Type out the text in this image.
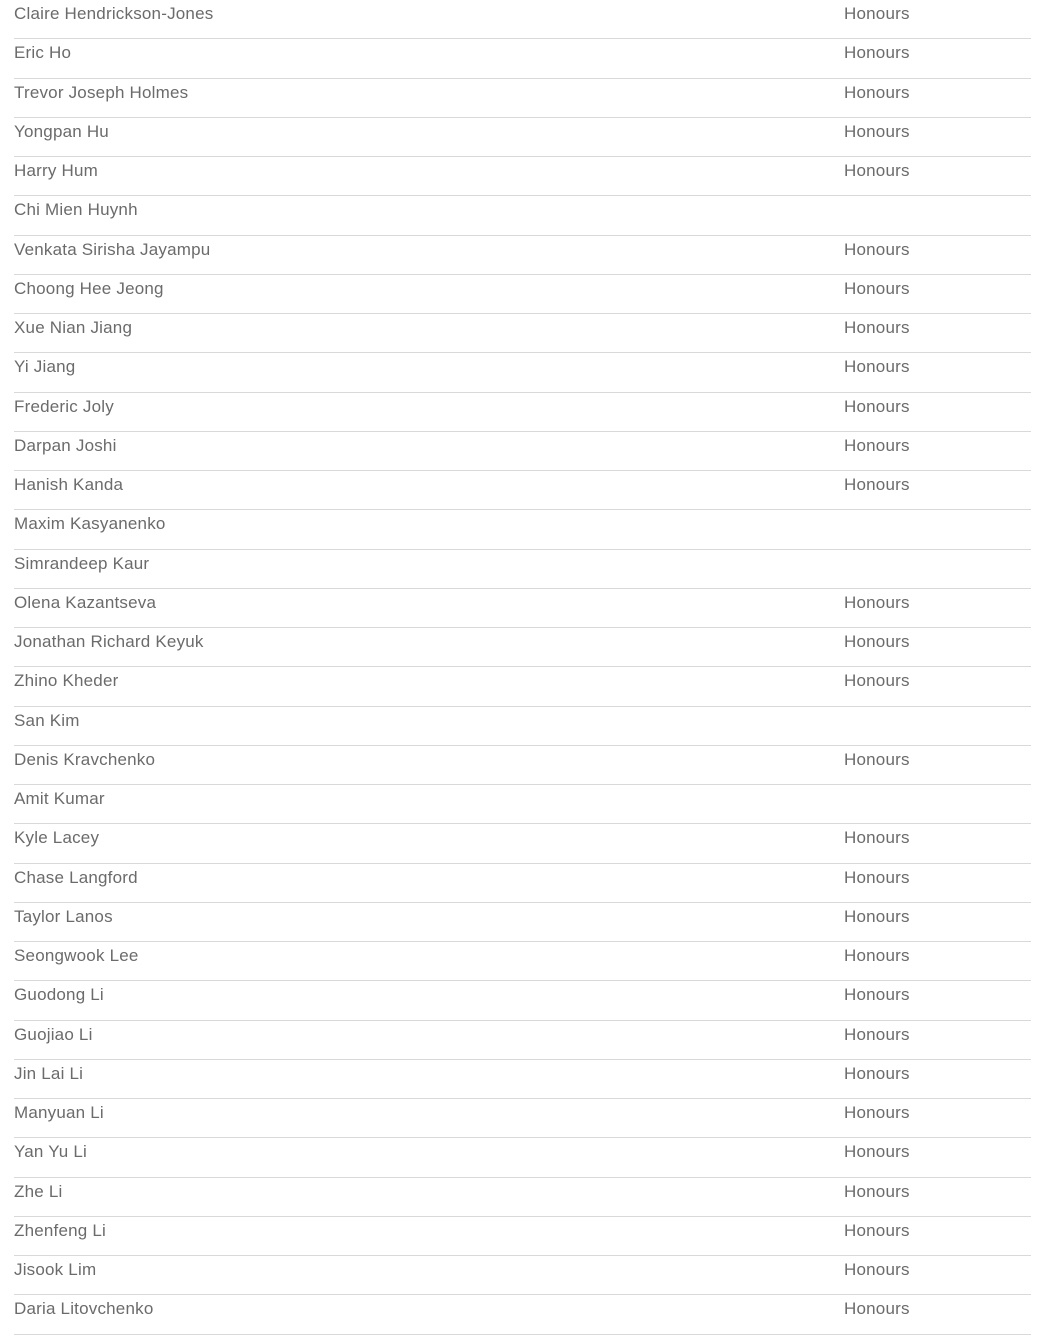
Claire Hendrickson-Jones	Honours
Eric Ho	Honours
Trevor Joseph Holmes	Honours
Yongpan Hu	Honours
Harry Hum	Honours
Chi Mien Huynh
Venkata Sirisha Jayampu	Honours
Choong Hee Jeong	Honours
Xue Nian Jiang	Honours
Yi Jiang	Honours
Frederic Joly	Honours
Darpan Joshi	Honours
Hanish Kanda	Honours
Maxim Kasyanenko
Simrandeep Kaur
Olena Kazantseva	Honours
Jonathan Richard Keyuk	Honours
Zhino Kheder	Honours
San Kim
Denis Kravchenko	Honours
Amit Kumar
Kyle Lacey	Honours
Chase Langford	Honours
Taylor Lanos	Honours
Seongwook Lee	Honours
Guodong Li	Honours
Guojiao Li	Honours
Jin Lai Li	Honours
Manyuan Li	Honours
Yan Yu Li	Honours
Zhe Li	Honours
Zhenfeng Li	Honours
Jisook Lim	Honours
Daria Litovchenko	Honours
